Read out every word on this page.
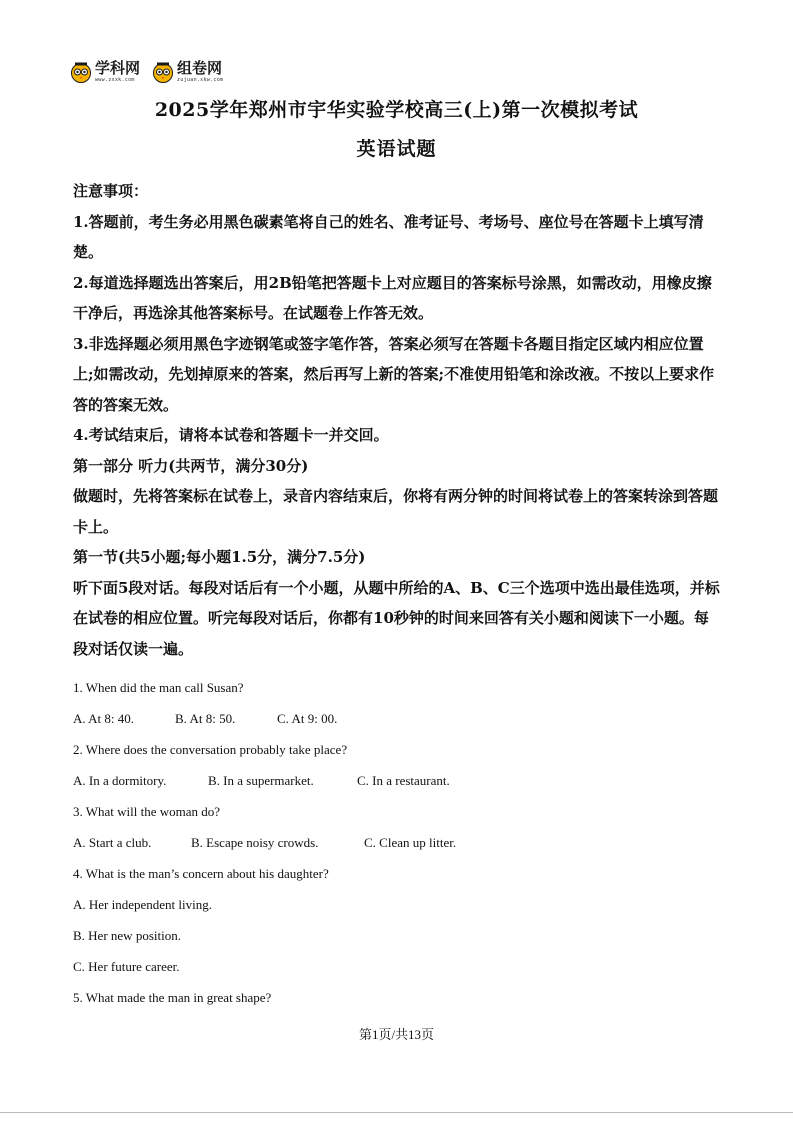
学科网
www.zxxk.com
组卷网
zujuan.xkw.com
2025学年郑州市宇华实验学校高三(上)第一次模拟考试
英语试题

注意事项：

1.答题前，考生务必用黑色碳素笔将自己的姓名、准考证号、考场号、座位号在答题卡上填写清楚。

2.每道选择题选出答案后，用2B铅笔把答题卡上对应题目的答案标号涂黑，如需改动，用橡皮擦干净后，再选涂其他答案标号。在试题卷上作答无效。

3.非选择题必须用黑色字迹钢笔或签字笔作答，答案必须写在答题卡各题目指定区域内相应位置上;如需改动，先划掉原来的答案，然后再写上新的答案;不准使用铅笔和涂改液。不按以上要求作答的答案无效。

4.考试结束后，请将本试卷和答题卡一并交回。

第一部分 听力(共两节，满分30分)

做题时，先将答案标在试卷上，录音内容结束后，你将有两分钟的时间将试卷上的答案转涂到答题卡上。

第一节(共5小题;每小题1.5分，满分7.5分)

听下面5段对话。每段对话后有一个小题，从题中所给的A、B、C三个选项中选出最佳选项，并标在试卷的相应位置。听完每段对话后，你都有10秒钟的时间来回答有关小题和阅读下一小题。每段对话仅读一遍。

1. When did the man call Susan?

A. At 8: 40.	B. At 8: 50.	C. At 9: 00.

2. Where does the conversation probably take place?

A. In a dormitory.	B. In a supermarket.	C. In a restaurant.

3. What will the woman do?

A. Start a club.	B. Escape noisy crowds.	C. Clean up litter.

4. What is the man’s concern about his daughter?

A. Her independent living.

B. Her new position.

C. Her future career.

5. What made the man in great shape?

第1页/共13页
